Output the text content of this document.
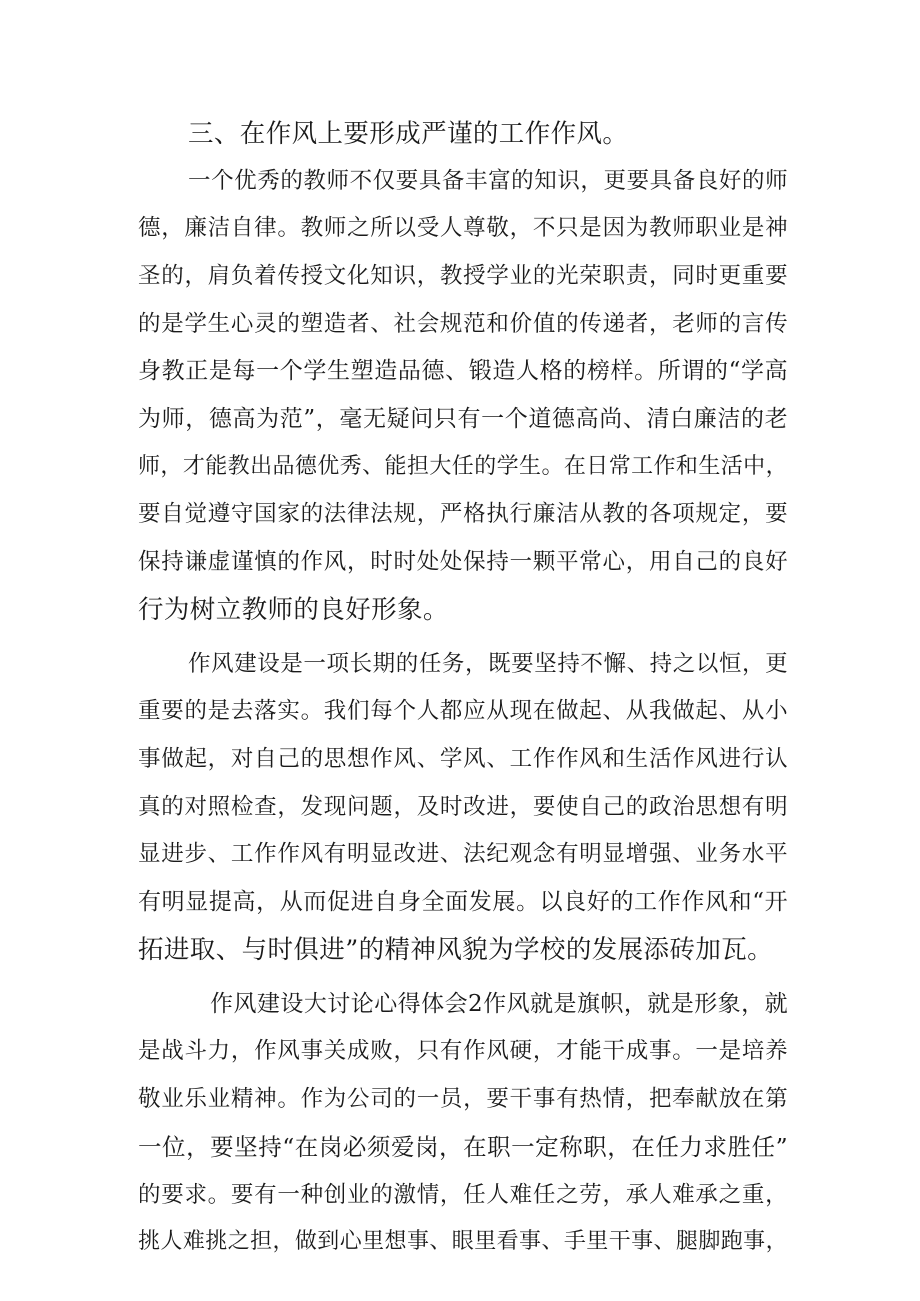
三、在作风上要形成严谨的工作作风。
一个优秀的教师不仅要具备丰富的知识，更要具备良好的师
德，廉洁自律。教师之所以受人尊敬，不只是因为教师职业是神
圣的，肩负着传授文化知识，教授学业的光荣职责，同时更重要
的是学生心灵的塑造者、社会规范和价值的传递者，老师的言传
身教正是每一个学生塑造品德、锻造人格的榜样。所谓的“学高
为师，德高为范”，毫无疑问只有一个道德高尚、清白廉洁的老
师，才能教出品德优秀、能担大任的学生。在日常工作和生活中，
要自觉遵守国家的法律法规，严格执行廉洁从教的各项规定，要
保持谦虚谨慎的作风，时时处处保持一颗平常心，用自己的良好
行为树立教师的良好形象。
作风建设是一项长期的任务，既要坚持不懈、持之以恒，更
重要的是去落实。我们每个人都应从现在做起、从我做起、从小
事做起，对自己的思想作风、学风、工作作风和生活作风进行认
真的对照检查，发现问题，及时改进，要使自己的政治思想有明
显进步、工作作风有明显改进、法纪观念有明显增强、业务水平
有明显提高，从而促进自身全面发展。以良好的工作作风和“开
拓进取、与时俱进”的精神风貌为学校的发展添砖加瓦。
作风建设大讨论心得体会2作风就是旗帜，就是形象，就
是战斗力，作风事关成败，只有作风硬，才能干成事。一是培养
敬业乐业精神。作为公司的一员，要干事有热情，把奉献放在第
一位，要坚持“在岗必须爱岗，在职一定称职，在任力求胜任”
的要求。要有一种创业的激情，任人难任之劳，承人难承之重，
挑人难挑之担，做到心里想事、眼里看事、手里干事、腿脚跑事，
